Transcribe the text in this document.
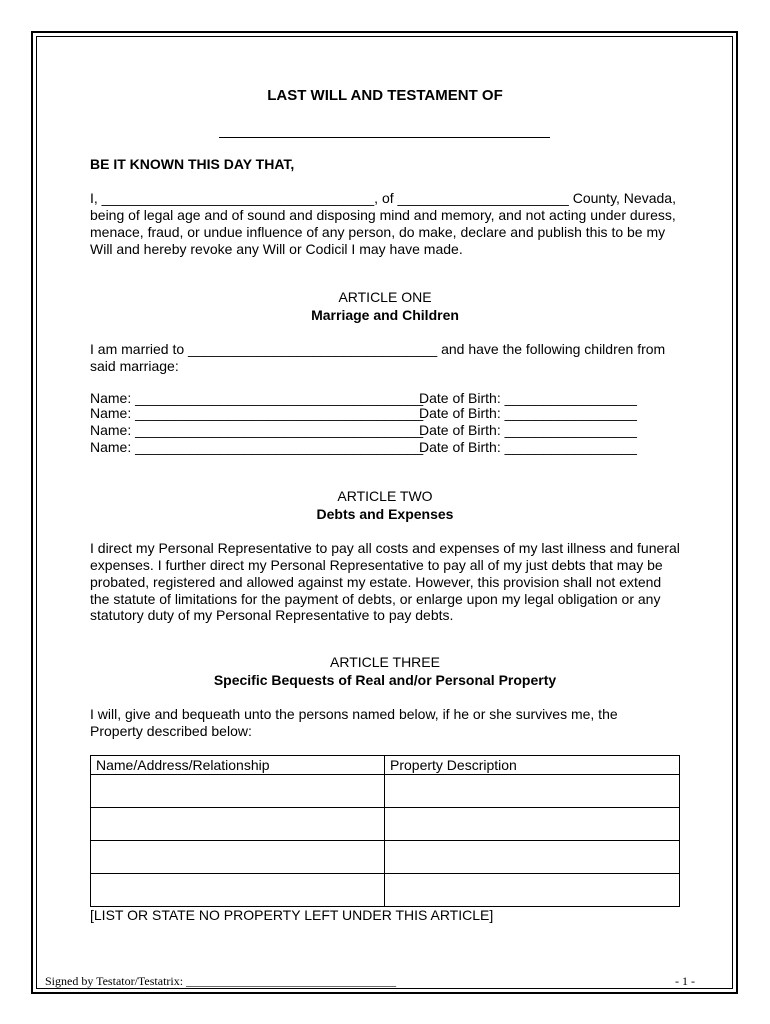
LAST WILL AND TESTAMENT OF
BE IT KNOWN THIS DAY THAT,
I, ___________________________________, of ______________________ County, Nevada,
being of legal age and of sound and disposing mind and memory, and not acting under duress,
menace, fraud, or undue influence of any person, do make, declare and publish this to be my
Will and hereby revoke any Will or Codicil I may have made.
ARTICLE ONE
Marriage and Children
I am married to ________________________________ and have the following children from
said marriage:
Name: _____________________________________
Date of Birth: _________________
Name: _____________________________________
Date of Birth: _________________
Name: _____________________________________
Date of Birth: _________________
Name: _____________________________________
Date of Birth: _________________
ARTICLE TWO
Debts and Expenses
I direct my Personal Representative to pay all costs and expenses of my last illness and funeral
expenses. I further direct my Personal Representative to pay all of my just debts that may be
probated, registered and allowed against my estate. However, this provision shall not extend
the statute of limitations for the payment of debts, or enlarge upon my legal obligation or any
statutory duty of my Personal Representative to pay debts.
ARTICLE THREE
Specific Bequests of Real and/or Personal Property
I will, give and bequeath unto the persons named below, if he or she survives me, the
Property described below:
Name/Address/Relationship	Property Description

[LIST OR STATE NO PROPERTY LEFT UNDER THIS ARTICLE]
Signed by Testator/Testatrix: ___________________________________	- 1 -
